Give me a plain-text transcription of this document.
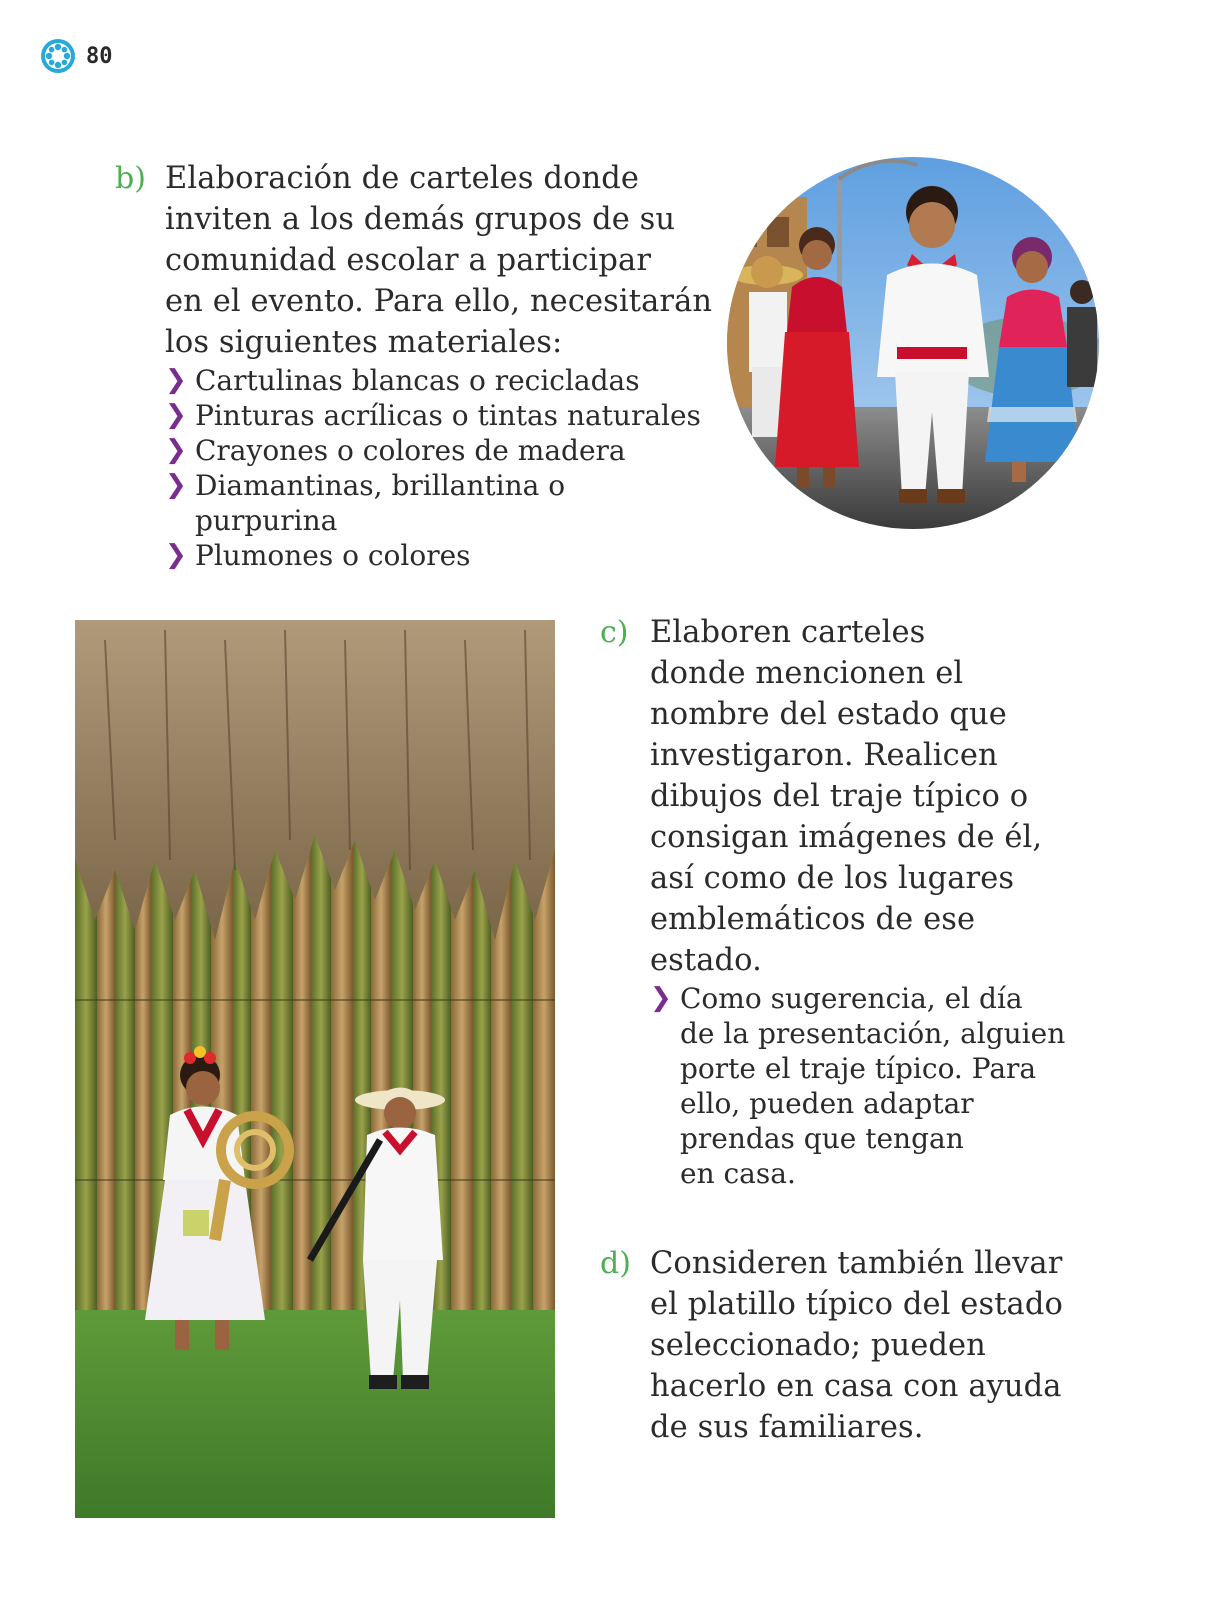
80
b) Elaboración de carteles donde
inviten a los demás grupos de su
comunidad escolar a participar
en el evento. Para ello, necesitarán
los siguientes materiales:

❯ Cartulinas blancas o recicladas
❯ Pinturas acrílicas o tintas naturales
❯ Crayones o colores de madera
❯ Diamantinas, brillantina o
purpurina
❯ Plumones o colores
c) Elaboren carteles
donde mencionen el
nombre del estado que
investigaron. Realicen
dibujos del traje típico o
consigan imágenes de él,
así como de los lugares
emblemáticos de ese
estado.

❯ Como sugerencia, el día
de la presentación, alguien
porte el traje típico. Para
ello, pueden adaptar
prendas que tengan
en casa.
d) Consideren también llevar
el platillo típico del estado
seleccionado; pueden
hacerlo en casa con ayuda
de sus familiares.
